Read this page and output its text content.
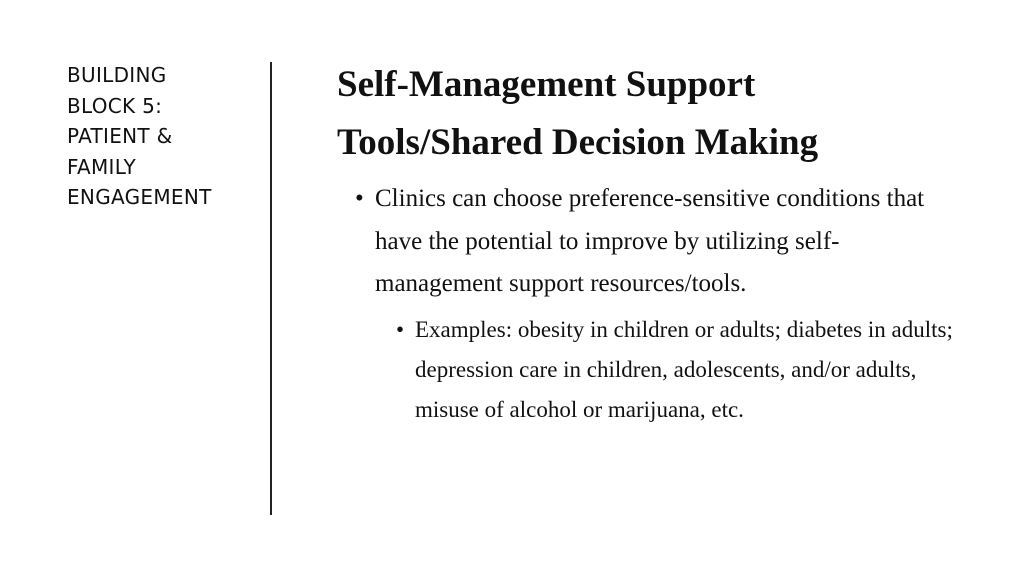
BUILDING
BLOCK 5:
PATIENT &
FAMILY
ENGAGEMENT
Self-Management Support
Tools/Shared Decision Making
• Clinics can choose preference-sensitive conditions that have the potential to improve by utilizing self-management support resources/tools.
• Examples: obesity in children or adults; diabetes in adults; depression care in children, adolescents, and/or adults, misuse of alcohol or marijuana, etc.
